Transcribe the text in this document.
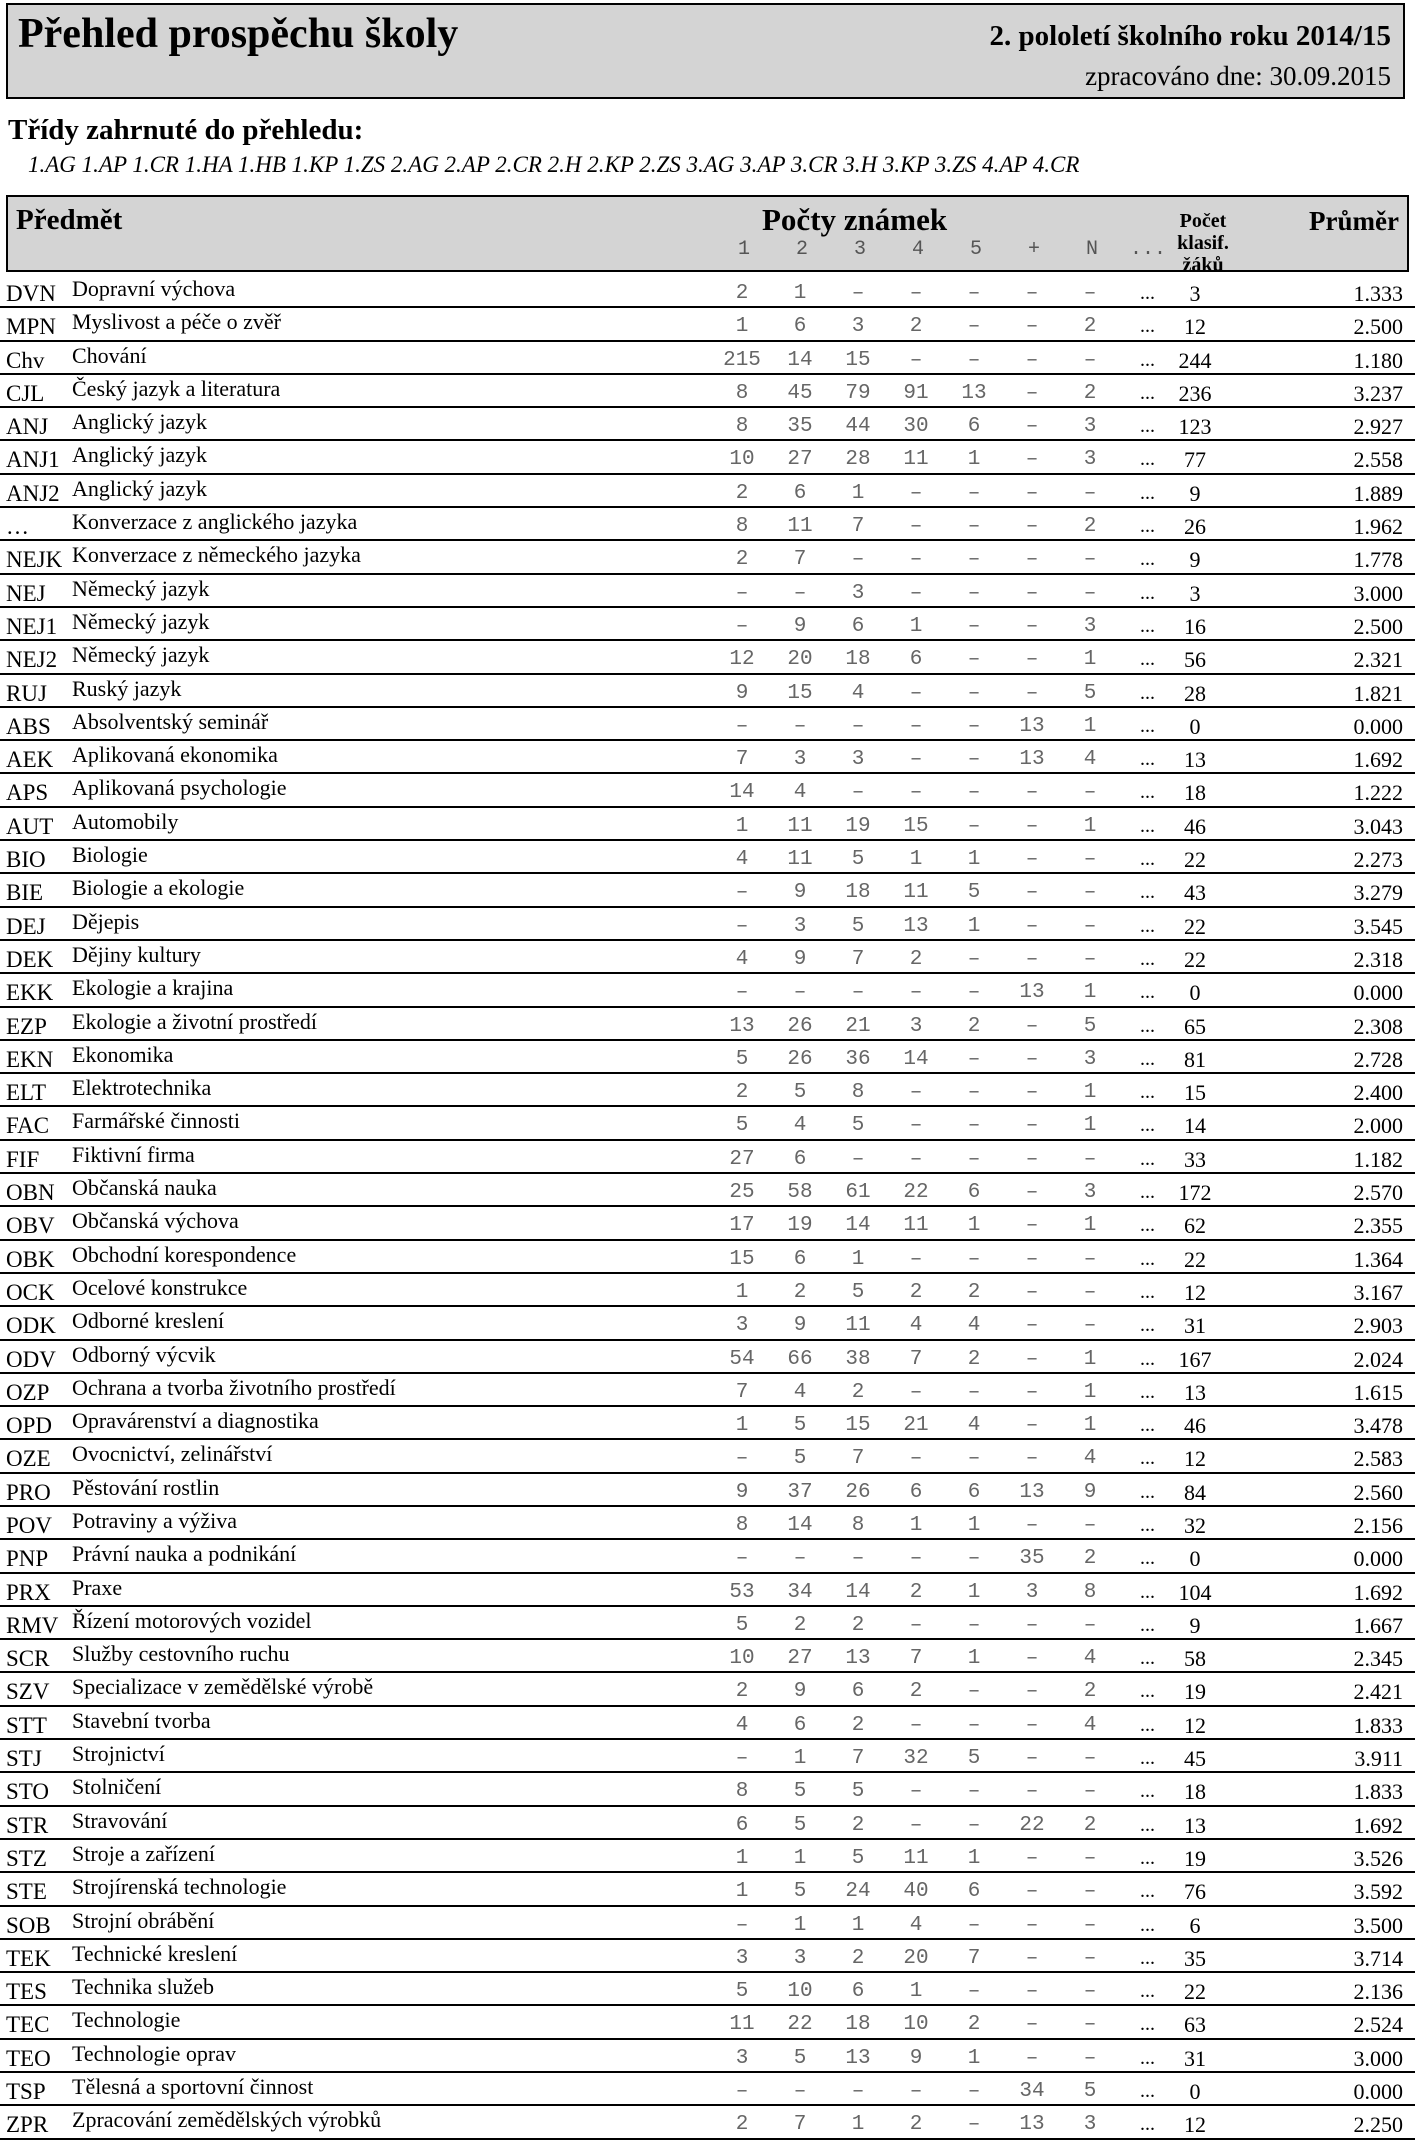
Přehled prospěchu školy	2. pololetí školního roku 2014/15
zpracováno dne: 30.09.2015
Třídy zahrnuté do přehledu:
1.AG 1.AP 1.CR 1.HA 1.HB 1.KP 1.ZS 2.AG 2.AP 2.CR 2.H 2.KP 2.ZS 3.AG 3.AP 3.CR 3.H 3.KP 3.ZS 4.AP 4.CR
Předmět	Počty známek
1	2	3	4	5	+	N	...
Počet
klasif. žáků
Průměr
DVN Dopravní výchova	2	1	–	–	–	–	–	...	3	1.333
MPN Myslivost a péče o zvěř	1	6	3	2	–	–	2	...	12	2.500
Chv Chování	215	14	15	–	–	–	–	...	244	1.180
CJL Český jazyk a literatura	8	45	79	91	13	–	2	...	236	3.237
ANJ Anglický jazyk	8	35	44	30	6	–	3	...	123	2.927
ANJ1 Anglický jazyk	10	27	28	11	1	–	3	...	77	2.558
ANJ2 Anglický jazyk	2	6	1	–	–	–	–	...	9	1.889
… Konverzace z anglického jazyka	8	11	7	–	–	–	2	...	26	1.962
NEJK Konverzace z německého jazyka	2	7	–	–	–	–	–	...	9	1.778
NEJ Německý jazyk	–	–	3	–	–	–	–	...	3	3.000
NEJ1 Německý jazyk	–	9	6	1	–	–	3	...	16	2.500
NEJ2 Německý jazyk	12	20	18	6	–	–	1	...	56	2.321
RUJ Ruský jazyk	9	15	4	–	–	–	5	...	28	1.821
ABS Absolventský seminář	–	–	–	–	–	13	1	...	0	0.000
AEK Aplikovaná ekonomika	7	3	3	–	–	13	4	...	13	1.692
APS Aplikovaná psychologie	14	4	–	–	–	–	–	...	18	1.222
AUT Automobily	1	11	19	15	–	–	1	...	46	3.043
BIO Biologie	4	11	5	1	1	–	–	...	22	2.273
BIE Biologie a ekologie	–	9	18	11	5	–	–	...	43	3.279
DEJ Dějepis	–	3	5	13	1	–	–	...	22	3.545
DEK Dějiny kultury	4	9	7	2	–	–	–	...	22	2.318
EKK Ekologie a krajina	–	–	–	–	–	13	1	...	0	0.000
EZP Ekologie a životní prostředí	13	26	21	3	2	–	5	...	65	2.308
EKN Ekonomika	5	26	36	14	–	–	3	...	81	2.728
ELT Elektrotechnika	2	5	8	–	–	–	1	...	15	2.400
FAC Farmářské činnosti	5	4	5	–	–	–	1	...	14	2.000
FIF Fiktivní firma	27	6	–	–	–	–	–	...	33	1.182
OBN Občanská nauka	25	58	61	22	6	–	3	...	172	2.570
OBV Občanská výchova	17	19	14	11	1	–	1	...	62	2.355
OBK Obchodní korespondence	15	6	1	–	–	–	–	...	22	1.364
OCK Ocelové konstrukce	1	2	5	2	2	–	–	...	12	3.167
ODK Odborné kreslení	3	9	11	4	4	–	–	...	31	2.903
ODV Odborný výcvik	54	66	38	7	2	–	1	...	167	2.024
OZP Ochrana a tvorba životního prostředí	7	4	2	–	–	–	1	...	13	1.615
OPD Opravárenství a diagnostika	1	5	15	21	4	–	1	...	46	3.478
OZE Ovocnictví, zelinářství	–	5	7	–	–	–	4	...	12	2.583
PRO Pěstování rostlin	9	37	26	6	6	13	9	...	84	2.560
POV Potraviny a výživa	8	14	8	1	1	–	–	...	32	2.156
PNP Právní nauka a podnikání	–	–	–	–	–	35	2	...	0	0.000
PRX Praxe	53	34	14	2	1	3	8	...	104	1.692
RMV Řízení motorových vozidel	5	2	2	–	–	–	–	...	9	1.667
SCR Služby cestovního ruchu	10	27	13	7	1	–	4	...	58	2.345
SZV Specializace v zemědělské výrobě	2	9	6	2	–	–	2	...	19	2.421
STT Stavební tvorba	4	6	2	–	–	–	4	...	12	1.833
STJ Strojnictví	–	1	7	32	5	–	–	...	45	3.911
STO Stolničení	8	5	5	–	–	–	–	...	18	1.833
STR Stravování	6	5	2	–	–	22	2	...	13	1.692
STZ Stroje a zařízení	1	1	5	11	1	–	–	...	19	3.526
STE Strojírenská technologie	1	5	24	40	6	–	–	...	76	3.592
SOB Strojní obrábění	–	1	1	4	–	–	–	...	6	3.500
TEK Technické kreslení	3	3	2	20	7	–	–	...	35	3.714
TES Technika služeb	5	10	6	1	–	–	–	...	22	2.136
TEC Technologie	11	22	18	10	2	–	–	...	63	2.524
TEO Technologie oprav	3	5	13	9	1	–	–	...	31	3.000
TSP Tělesná a sportovní činnost	–	–	–	–	–	34	5	...	0	0.000
ZPR Zpracování zemědělských výrobků	2	7	1	2	–	13	3	...	12	2.250
